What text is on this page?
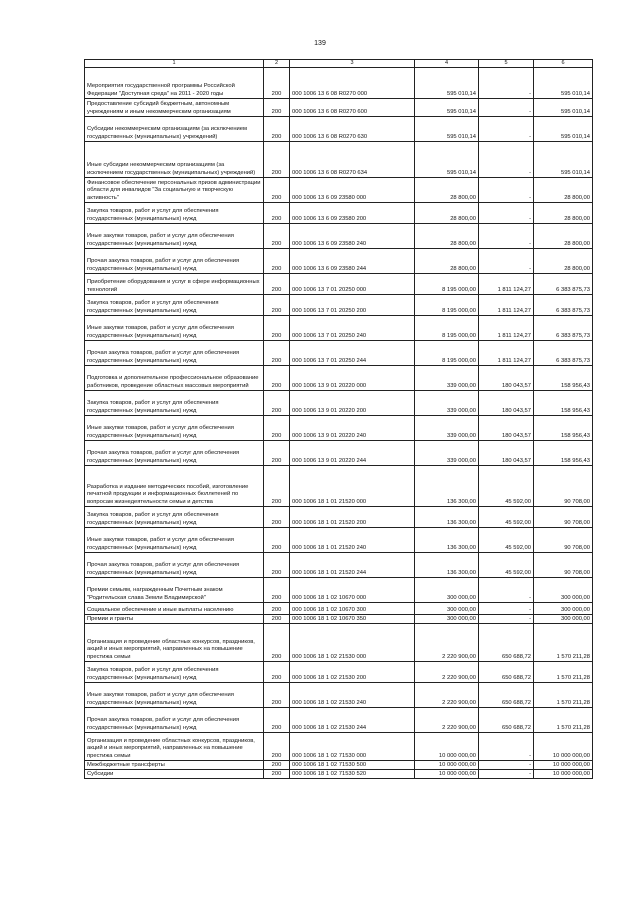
139
1	2	3	4	5	6
Мероприятия государственной программы Российской Федерации "Доступная среда" на 2011 - 2020 годы	200	000 1006 13 6 08 R0270 000	595 010,14	-	595 010,14
Предоставление субсидий бюджетным, автономным учреждениям и иным некоммерческим организациям	200	000 1006 13 6 08 R0270 600	595 010,14	-	595 010,14
Субсидии некоммерческим организациям (за исключением государственных (муниципальных) учреждений)	200	000 1006 13 6 08 R0270 630	595 010,14	-	595 010,14
Иные субсидии некоммерческим организациям (за исключением государственных (муниципальных) учреждений)	200	000 1006 13 6 08 R0270 634	595 010,14	-	595 010,14
Финансовое обеспечение персональных призов администрации области для инвалидов "За социальную и творческую активность"	200	000 1006 13 6 09 23580 000	28 800,00	-	28 800,00
Закупка товаров, работ и услуг для обеспечения государственных (муниципальных) нужд	200	000 1006 13 6 09 23580 200	28 800,00	-	28 800,00
Иные закупки товаров, работ и услуг для обеспечения государственных (муниципальных) нужд	200	000 1006 13 6 09 23580 240	28 800,00	-	28 800,00
Прочая закупка товаров, работ и услуг для обеспечения государственных (муниципальных) нужд	200	000 1006 13 6 09 23580 244	28 800,00	-	28 800,00
Приобретение оборудования и услуг в сфере информационных технологий	200	000 1006 13 7 01 20250 000	8 195 000,00	1 811 124,27	6 383 875,73
Закупка товаров, работ и услуг для обеспечения государственных (муниципальных) нужд	200	000 1006 13 7 01 20250 200	8 195 000,00	1 811 124,27	6 383 875,73
Иные закупки товаров, работ и услуг для обеспечения государственных (муниципальных) нужд	200	000 1006 13 7 01 20250 240	8 195 000,00	1 811 124,27	6 383 875,73
Прочая закупка товаров, работ и услуг для обеспечения государственных (муниципальных) нужд	200	000 1006 13 7 01 20250 244	8 195 000,00	1 811 124,27	6 383 875,73
Подготовка и дополнительное профессиональное образование работников, проведение областных массовых мероприятий	200	000 1006 13 9 01 20220 000	339 000,00	180 043,57	158 956,43
Закупка товаров, работ и услуг для обеспечения государственных (муниципальных) нужд	200	000 1006 13 9 01 20220 200	339 000,00	180 043,57	158 956,43
Иные закупки товаров, работ и услуг для обеспечения государственных (муниципальных) нужд	200	000 1006 13 9 01 20220 240	339 000,00	180 043,57	158 956,43
Прочая закупка товаров, работ и услуг для обеспечения государственных (муниципальных) нужд	200	000 1006 13 9 01 20220 244	339 000,00	180 043,57	158 956,43
Разработка и издание методических пособий, изготовление печатной продукции и информационных бюллетеней по вопросам жизнедеятельности семьи и детства	200	000 1006 18 1 01 21520 000	136 300,00	45 592,00	90 708,00
Закупка товаров, работ и услуг для обеспечения государственных (муниципальных) нужд	200	000 1006 18 1 01 21520 200	136 300,00	45 592,00	90 708,00
Иные закупки товаров, работ и услуг для обеспечения государственных (муниципальных) нужд	200	000 1006 18 1 01 21520 240	136 300,00	45 592,00	90 708,00
Прочая закупка товаров, работ и услуг для обеспечения государственных (муниципальных) нужд	200	000 1006 18 1 01 21520 244	136 300,00	45 592,00	90 708,00
Премии семьям, награжденным Почетным знаком "Родительская слава Земли Владимирской"	200	000 1006 18 1 02 10670 000	300 000,00	-	300 000,00
Социальное обеспечение и иные выплаты населению	200	000 1006 18 1 02 10670 300	300 000,00	-	300 000,00
Премии и гранты	200	000 1006 18 1 02 10670 350	300 000,00	-	300 000,00
Организация и проведение областных конкурсов, праздников, акций и иных мероприятий, направленных на повышение престижа семьи	200	000 1006 18 1 02 21530 000	2 220 900,00	650 688,72	1 570 211,28
Закупка товаров, работ и услуг для обеспечения государственных (муниципальных) нужд	200	000 1006 18 1 02 21530 200	2 220 900,00	650 688,72	1 570 211,28
Иные закупки товаров, работ и услуг для обеспечения государственных (муниципальных) нужд	200	000 1006 18 1 02 21530 240	2 220 900,00	650 688,72	1 570 211,28
Прочая закупка товаров, работ и услуг для обеспечения государственных (муниципальных) нужд	200	000 1006 18 1 02 21530 244	2 220 900,00	650 688,72	1 570 211,28
Организация и проведение областных конкурсов, праздников, акций и иных мероприятий, направленных на повышение престижа семьи	200	000 1006 18 1 02 71530 000	10 000 000,00	-	10 000 000,00
Межбюджетные трансферты	200	000 1006 18 1 02 71530 500	10 000 000,00	-	10 000 000,00
Субсидии	200	000 1006 18 1 02 71530 520	10 000 000,00	-	10 000 000,00
